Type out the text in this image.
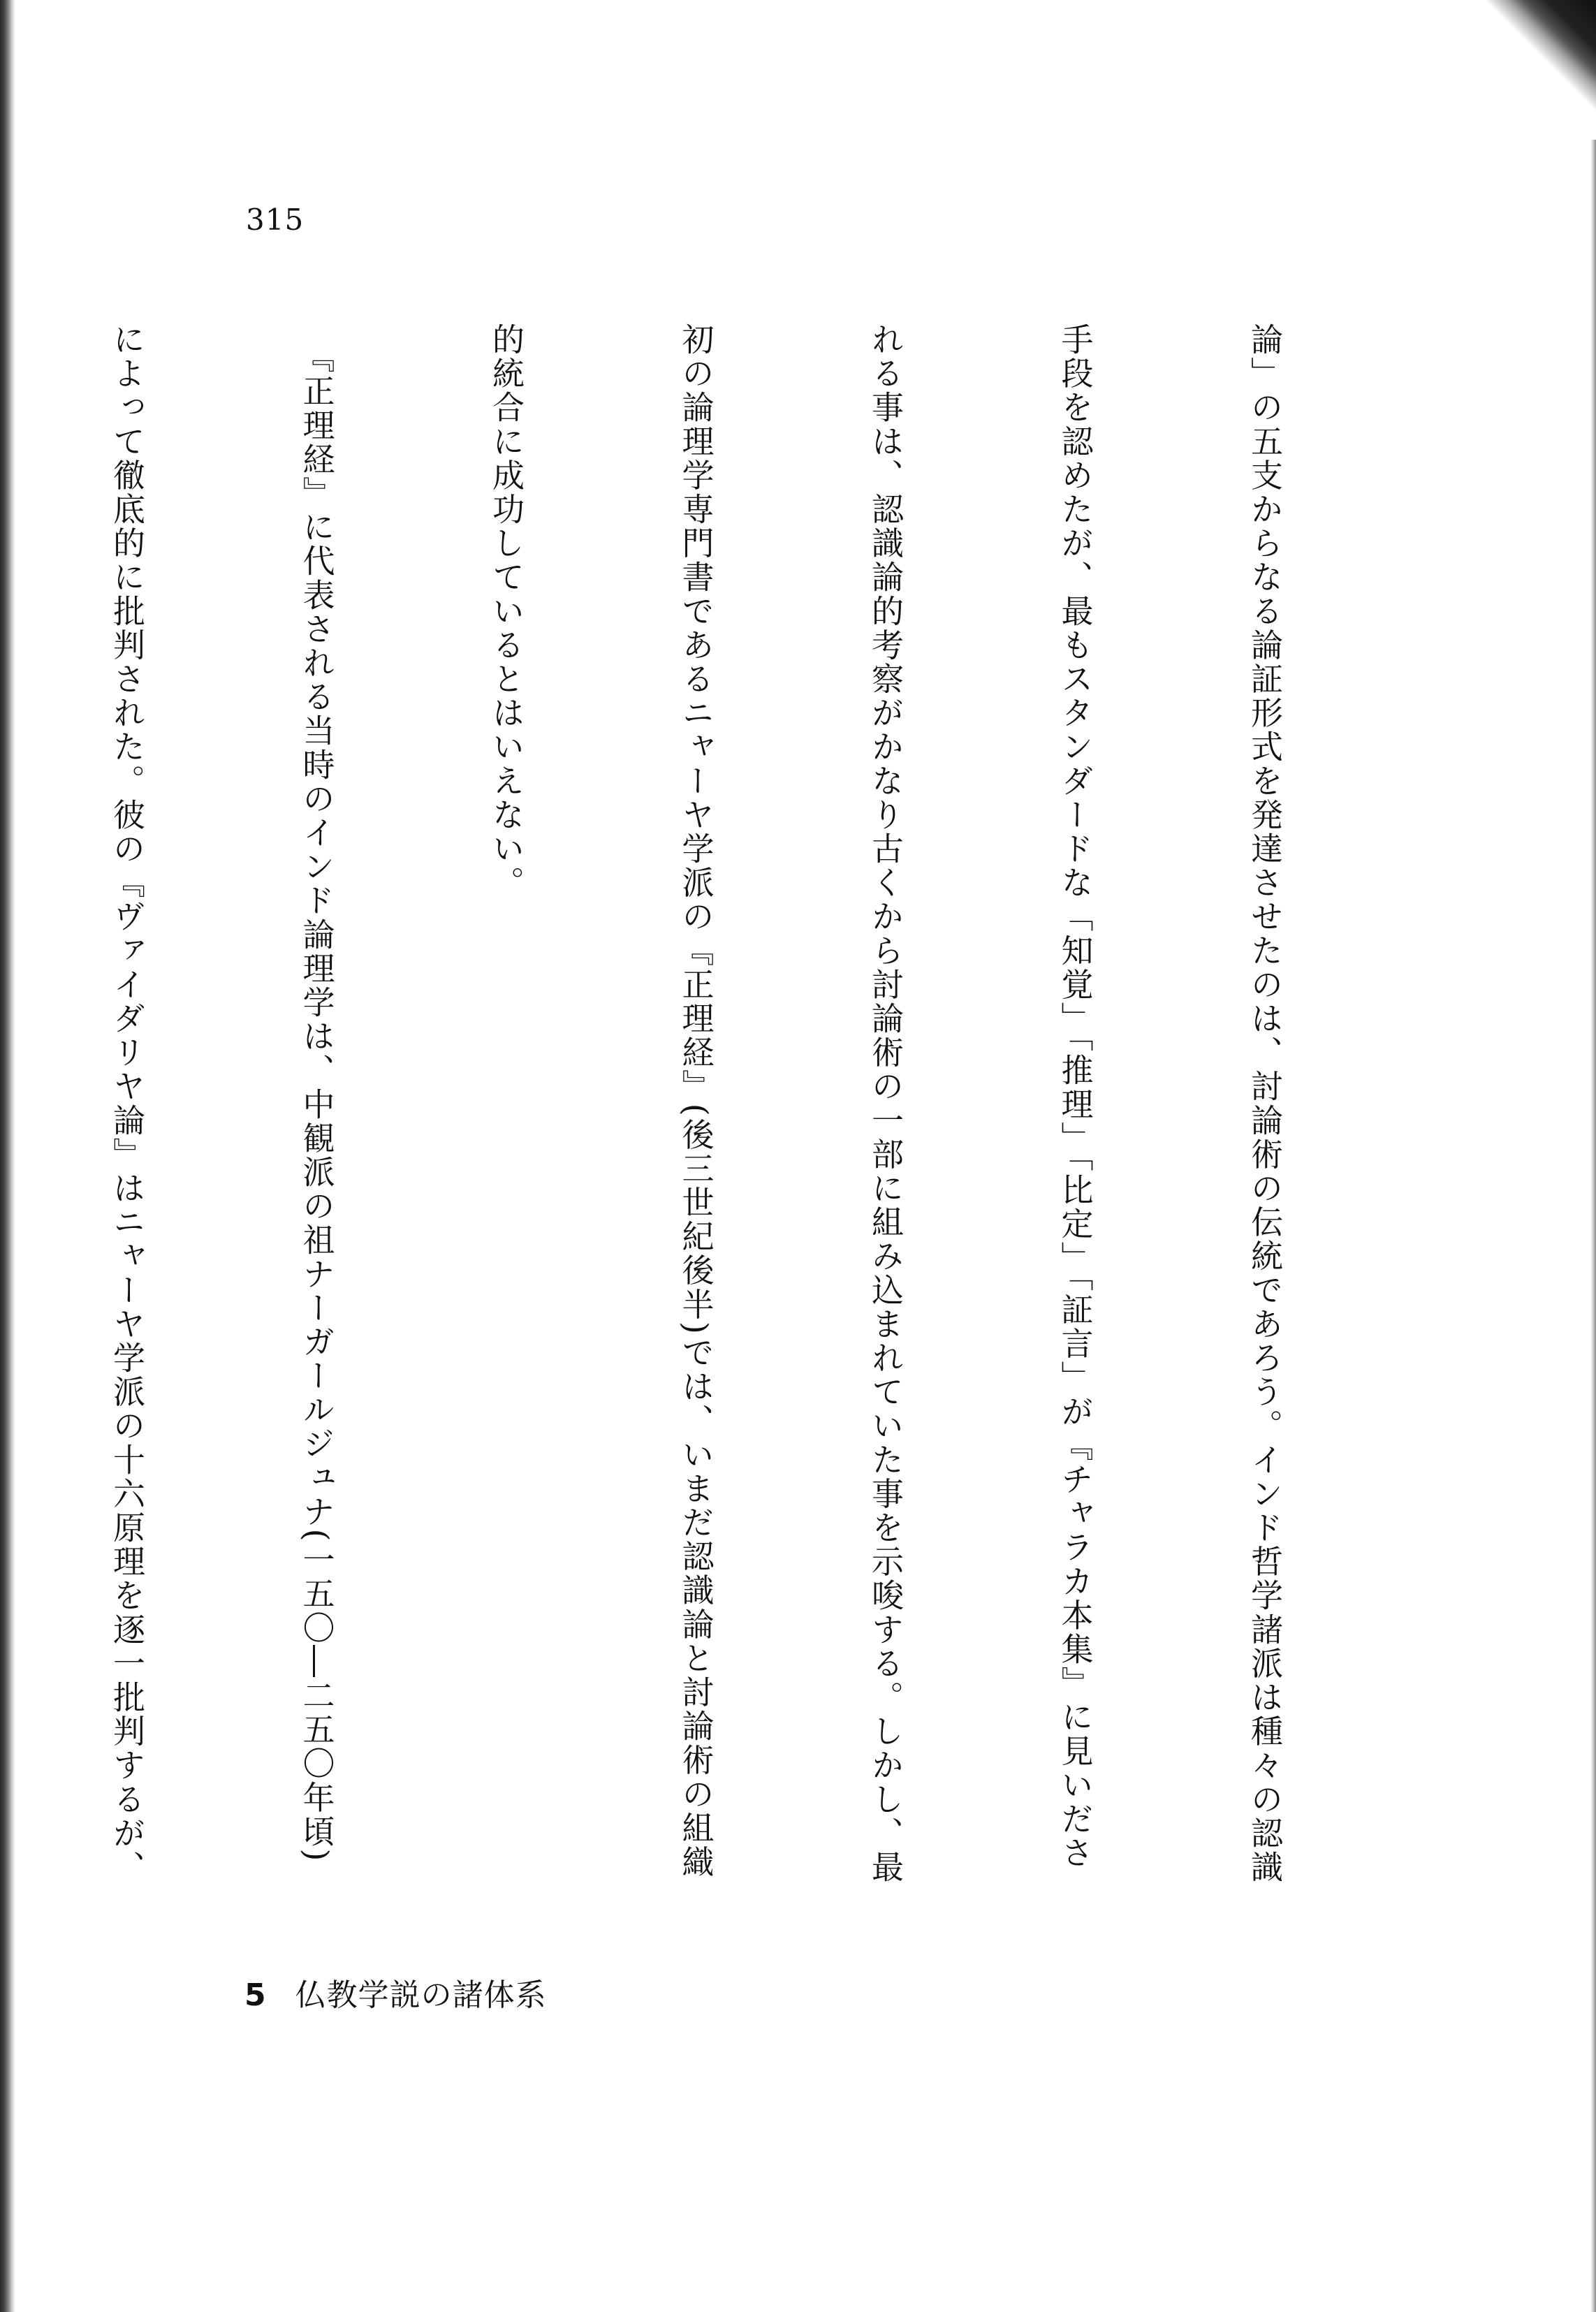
315

論」の五支からなる論証形式を発達させたのは、討論術の伝統であろう。インド哲学諸派は種々の認識

手段を認めたが、最もスタンダードな「知覚」「推理」「比定」「証言」が『チャラカ本集』に見いださ

れる事は、認識論的考察がかなり古くから討論術の一部に組み込まれていた事を示唆する。しかし、最

初の論理学専門書であるニャーヤ学派の『正理経』(後三世紀後半)では、いまだ認識論と討論術の組織

的統合に成功しているとはいえない。

　『正理経』に代表される当時のインド論理学は、中観派の祖ナーガールジュナ(一五〇―二五〇年頃)

によって徹底的に批判された。彼の『ヴァイダリヤ論』はニャーヤ学派の十六原理を逐一批判するが、

5 仏教学説の諸体系
